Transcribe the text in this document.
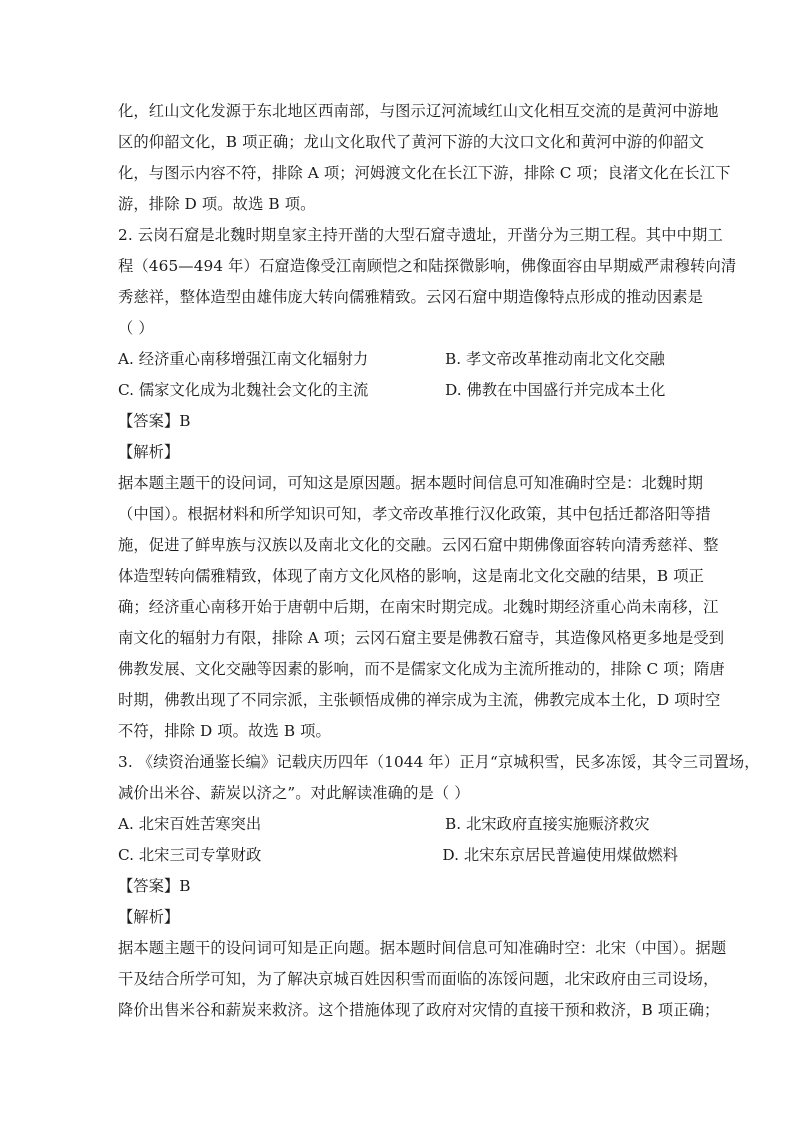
化，红山文化发源于东北地区西南部，与图示辽河流域红山文化相互交流的是黄河中游地
区的仰韶文化，B 项正确；龙山文化取代了黄河下游的大汶口文化和黄河中游的仰韶文
化，与图示内容不符，排除 A 项；河姆渡文化在长江下游，排除 C 项；良渚文化在长江下
游，排除 D 项。故选 B 项。
2. 云岗石窟是北魏时期皇家主持开凿的大型石窟寺遗址，开凿分为三期工程。其中中期工
程（465—494 年）石窟造像受江南顾恺之和陆探微影响，佛像面容由早期威严肃穆转向清
秀慈祥，整体造型由雄伟庞大转向儒雅精致。云冈石窟中期造像特点形成的推动因素是
（ ）
A. 经济重心南移增强江南文化辐射力	B. 孝文帝改革推动南北文化交融
C. 儒家文化成为北魏社会文化的主流	D. 佛教在中国盛行并完成本土化
【答案】B
【解析】
据本题主题干的设问词，可知这是原因题。据本题时间信息可知准确时空是：北魏时期
（中国）。根据材料和所学知识可知，孝文帝改革推行汉化政策，其中包括迁都洛阳等措
施，促进了鲜卑族与汉族以及南北文化的交融。云冈石窟中期佛像面容转向清秀慈祥、整
体造型转向儒雅精致，体现了南方文化风格的影响，这是南北文化交融的结果，B 项正
确；经济重心南移开始于唐朝中后期，在南宋时期完成。北魏时期经济重心尚未南移，江
南文化的辐射力有限，排除 A 项；云冈石窟主要是佛教石窟寺，其造像风格更多地是受到
佛教发展、文化交融等因素的影响，而不是儒家文化成为主流所推动的，排除 C 项；隋唐
时期，佛教出现了不同宗派，主张顿悟成佛的禅宗成为主流，佛教完成本土化，D 项时空
不符，排除 D 项。故选 B 项。
3. 《续资治通鉴长编》记载庆历四年（1044 年）正月“京城积雪，民多冻馁，其令三司置场，
减价出米谷、薪炭以济之”。对此解读准确的是（ ）
A. 北宋百姓苦寒突出	B. 北宋政府直接实施赈济救灾
C. 北宋三司专掌财政	D. 北宋东京居民普遍使用煤做燃料
【答案】B
【解析】
据本题主题干的设问词可知是正向题。据本题时间信息可知准确时空：北宋（中国）。据题
干及结合所学可知，为了解决京城百姓因积雪而面临的冻馁问题，北宋政府由三司设场，
降价出售米谷和薪炭来救济。这个措施体现了政府对灾情的直接干预和救济，B 项正确；
